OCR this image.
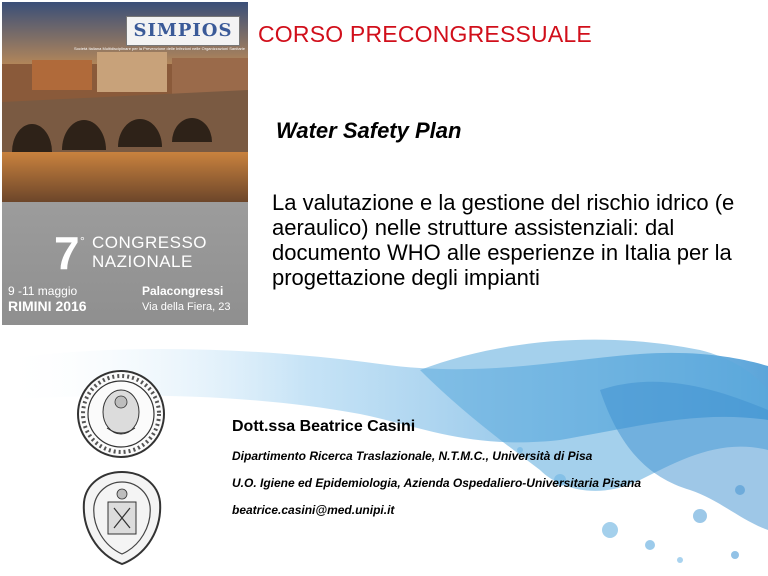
SIMPIOS
Società Italiana Multidisciplinare per la Prevenzione delle Infezioni nelle Organizzazioni Sanitarie
7 ° CONGRESSO
NAZIONALE
9 -11 maggio
RIMINI 2016
Palacongressi
Via della Fiera, 23
CORSO PRECONGRESSUALE
Water Safety Plan
La valutazione e la gestione del rischio idrico (e aeraulico) nelle strutture assistenziali: dal documento WHO alle esperienze in Italia per la progettazione degli impianti
Dott.ssa Beatrice Casini
Dipartimento Ricerca Traslazionale, N.T.M.C., Università di Pisa
U.O. Igiene ed Epidemiologia, Azienda Ospedaliero-Universitaria Pisana
beatrice.casini@med.unipi.it
